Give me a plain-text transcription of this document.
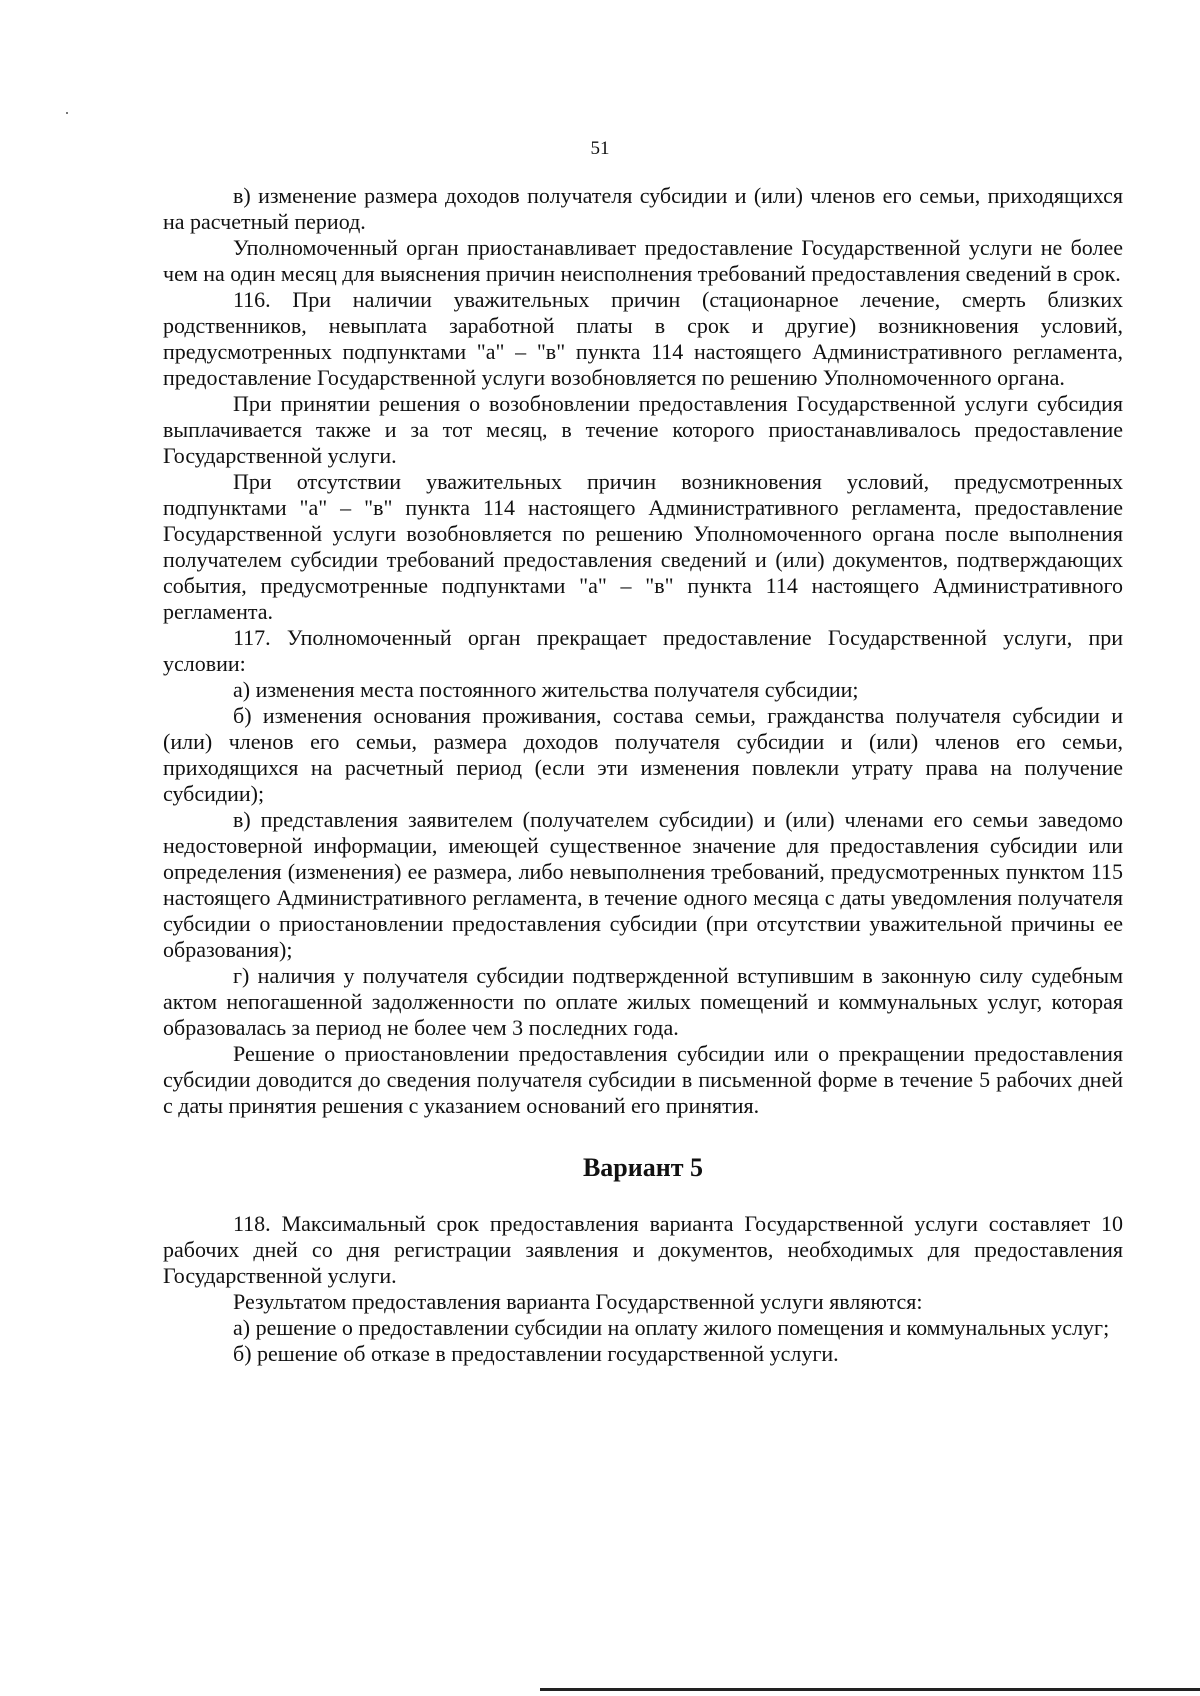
51

в) изменение размера доходов получателя субсидии и (или) членов его семьи, приходящихся на расчетный период.

Уполномоченный орган приостанавливает предоставление Государственной услуги не более чем на один месяц для выяснения причин неисполнения требований предоставления сведений в срок.

116. При наличии уважительных причин (стационарное лечение, смерть близких родственников, невыплата заработной платы в срок и другие) возникновения условий, предусмотренных подпунктами "а" – "в" пункта 114 настоящего Административного регламента, предоставление Государственной услуги возобновляется по решению Уполномоченного органа.

При принятии решения о возобновлении предоставления Государственной услуги субсидия выплачивается также и за тот месяц, в течение которого приостанавливалось предоставление Государственной услуги.

При отсутствии уважительных причин возникновения условий, предусмотренных подпунктами "а" – "в" пункта 114 настоящего Административного регламента, предоставление Государственной услуги возобновляется по решению Уполномоченного органа после выполнения получателем субсидии требований предоставления сведений и (или) документов, подтверждающих события, предусмотренные подпунктами "а" – "в" пункта 114 настоящего Административного регламента.

117. Уполномоченный орган прекращает предоставление Государственной услуги, при условии:

а) изменения места постоянного жительства получателя субсидии;

б) изменения основания проживания, состава семьи, гражданства получателя субсидии и (или) членов его семьи, размера доходов получателя субсидии и (или) членов его семьи, приходящихся на расчетный период (если эти изменения повлекли утрату права на получение субсидии);

в) представления заявителем (получателем субсидии) и (или) членами его семьи заведомо недостоверной информации, имеющей существенное значение для предоставления субсидии или определения (изменения) ее размера, либо невыполнения требований, предусмотренных пунктом 115 настоящего Административного регламента, в течение одного месяца с даты уведомления получателя субсидии о приостановлении предоставления субсидии (при отсутствии уважительной причины ее образования);

г) наличия у получателя субсидии подтвержденной вступившим в законную силу судебным актом непогашенной задолженности по оплате жилых помещений и коммунальных услуг, которая образовалась за период не более чем 3 последних года.

Решение о приостановлении предоставления субсидии или о прекращении предоставления субсидии доводится до сведения получателя субсидии в письменной форме в течение 5 рабочих дней с даты принятия решения с указанием оснований его принятия.

Вариант 5

118. Максимальный срок предоставления варианта Государственной услуги составляет 10 рабочих дней со дня регистрации заявления и документов, необходимых для предоставления Государственной услуги.

Результатом предоставления варианта Государственной услуги являются:

а) решение о предоставлении субсидии на оплату жилого помещения и коммунальных услуг;

б) решение об отказе в предоставлении государственной услуги.
